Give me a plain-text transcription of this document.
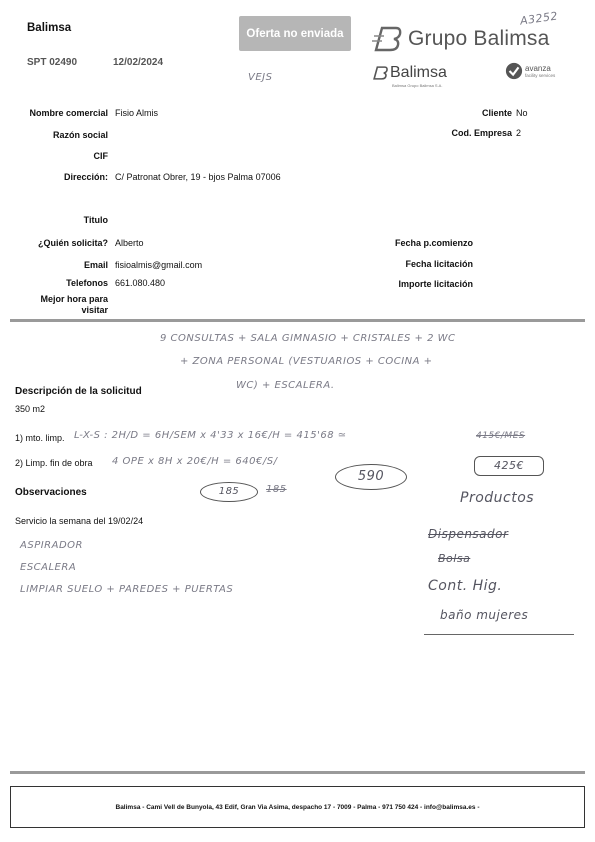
Balimsa
SPT 02490	12/02/2024
Oferta no enviada
VEJS
Grupo Balimsa
A3252
Balimsa
Balimsa Grupo Balimsa S.A.
avanza
facility services
Nombre comercial Fisio Almis
Razón social
CIF
Dirección: C/ Patronat Obrer, 19 - bjos Palma 07006
Cliente No
Cod. Empresa 2
Titulo
¿Quién solicita? Alberto
Email fisioalmis@gmail.com
Telefonos 661.080.480
Mejor hora para visitar
Fecha p.comienzo
Fecha licitación
Importe licitación
9 CONSULTAS + SALA GIMNASIO + CRISTALES + 2 WC
+ ZONA PERSONAL (VESTUARIOS + COCINA +
WC) + ESCALERA.
Descripción de la solicitud
350 m2
1) mto. limp. L-X-S : 2H/D = 6H/SEM x 4'33 x 16€/H = 415'68 ≃	415€/MES
425€
2) Limp. fin de obra 4 OPE x 8H x 20€/H = 640€/S/
590
Observaciones	185	185
Servicio la semana del 19/02/24
ASPIRADOR
ESCALERA
LIMPIAR SUELO + PAREDES + PUERTAS
Productos
Dispensador
Bolsa
Cont. Hig.
baño mujeres
Balimsa - Cami Vell de Bunyola, 43 Edif, Gran Via Asima, despacho 17 - 7009 - Palma - 971 750 424 - info@balimsa.es -
